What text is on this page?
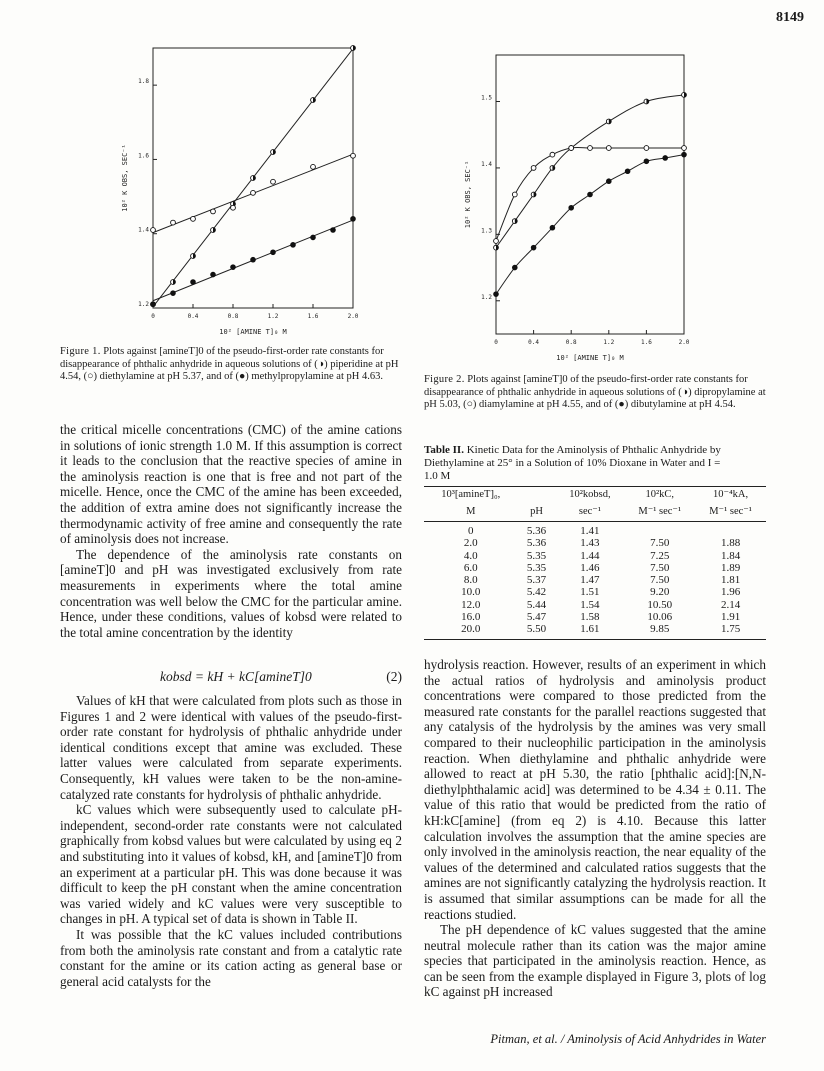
8149
0	0.4	0.8	1.2	1.6	2.0
1.2
1.4
1.6
1.8
10² [AMINE T]₀ M
10² K OBS, SEC⁻¹
Figure 1. Plots against [amineT]0 of the pseudo-first-order rate constants for disappearance of phthalic anhydride in aqueous solutions of (◑) piperidine at pH 4.54, (○) diethylamine at pH 5.37, and of (●) methylpropylamine at pH 4.63.
0	0.4	0.8	1.2	1.6	2.0
1.2
1.3
1.4
1.5
10² [AMINE T]₀ M
10² K OBS, SEC⁻¹
Figure 2. Plots against [amineT]0 of the pseudo-first-order rate constants for disappearance of phthalic anhydride in aqueous solutions of (◑) dipropylamine at pH 5.03, (○) diamylamine at pH 4.55, and of (●) dibutylamine at pH 4.54.

the critical micelle concentrations (CMC) of the amine cations in solutions of ionic strength 1.0 M. If this assumption is correct it leads to the conclusion that the reactive species of amine in the aminolysis reaction is one that is free and not part of the micelle. Hence, once the CMC of the amine has been exceeded, the addition of extra amine does not significantly increase the thermodynamic activity of free amine and consequently the rate of aminolysis does not increase.

The dependence of the aminolysis rate constants on [amineT]0 and pH was investigated exclusively from rate measurements in experiments where the total amine concentration was well below the CMC for the particular amine. Hence, under these conditions, values of kobsd were related to the total amine concentration by the identity

kobsd = kH + kC[amineT]0	(2)

Values of kH that were calculated from plots such as those in Figures 1 and 2 were identical with values of the pseudo-first-order rate constant for hydrolysis of phthalic anhydride under identical conditions except that amine was excluded. These latter values were calculated from separate experiments. Consequently, kH values were taken to be the non-amine-catalyzed rate constants for hydrolysis of phthalic anhydride.

kC values which were subsequently used to calculate pH-independent, second-order rate constants were not calculated graphically from kobsd values but were calculated by using eq 2 and substituting into it values of kobsd, kH, and [amineT]0 from an experiment at a particular pH. This was done because it was difficult to keep the pH constant when the amine concentration was varied widely and kC values were very susceptible to changes in pH. A typical set of data is shown in Table II.

It was possible that the kC values included contributions from both the aminolysis rate constant and from a catalytic rate constant for the amine or its cation acting as general base or general acid catalysts for the

Table II. Kinetic Data for the Aminolysis of Phthalic Anhydride by Diethylamine at 25° in a Solution of 10% Dioxane in Water and I = 1.0 M
10³[amineT]₀,		10²kobsd,	10²kC,	10⁻⁴kA,
M	pH	sec⁻¹	M⁻¹ sec⁻¹	M⁻¹ sec⁻¹
0	5.36	1.41		
2.0	5.36	1.43	7.50	1.88
4.0	5.35	1.44	7.25	1.84
6.0	5.35	1.46	7.50	1.89
8.0	5.37	1.47	7.50	1.81
10.0	5.42	1.51	9.20	1.96
12.0	5.44	1.54	10.50	2.14
16.0	5.47	1.58	10.06	1.91
20.0	5.50	1.61	9.85	1.75

hydrolysis reaction. However, results of an experiment in which the actual ratios of hydrolysis and aminolysis product concentrations were compared to those predicted from the measured rate constants for the parallel reactions suggested that any catalysis of the hydrolysis by the amines was very small compared to their nucleophilic participation in the aminolysis reaction. When diethylamine and phthalic anhydride were allowed to react at pH 5.30, the ratio [phthalic acid]:[N,N-diethylphthalamic acid] was determined to be 4.34 ± 0.11. The value of this ratio that would be predicted from the ratio of kH:kC[amine] (from eq 2) is 4.10. Because this latter calculation involves the assumption that the amine species are only involved in the aminolysis reaction, the near equality of the values of the determined and calculated ratios suggests that the amines are not significantly catalyzing the hydrolysis reaction. It is assumed that similar assumptions can be made for all the reactions studied.

The pH dependence of kC values suggested that the amine neutral molecule rather than its cation was the major amine species that participated in the aminolysis reaction. Hence, as can be seen from the example displayed in Figure 3, plots of log kC against pH increased

Pitman, et al. / Aminolysis of Acid Anhydrides in Water
